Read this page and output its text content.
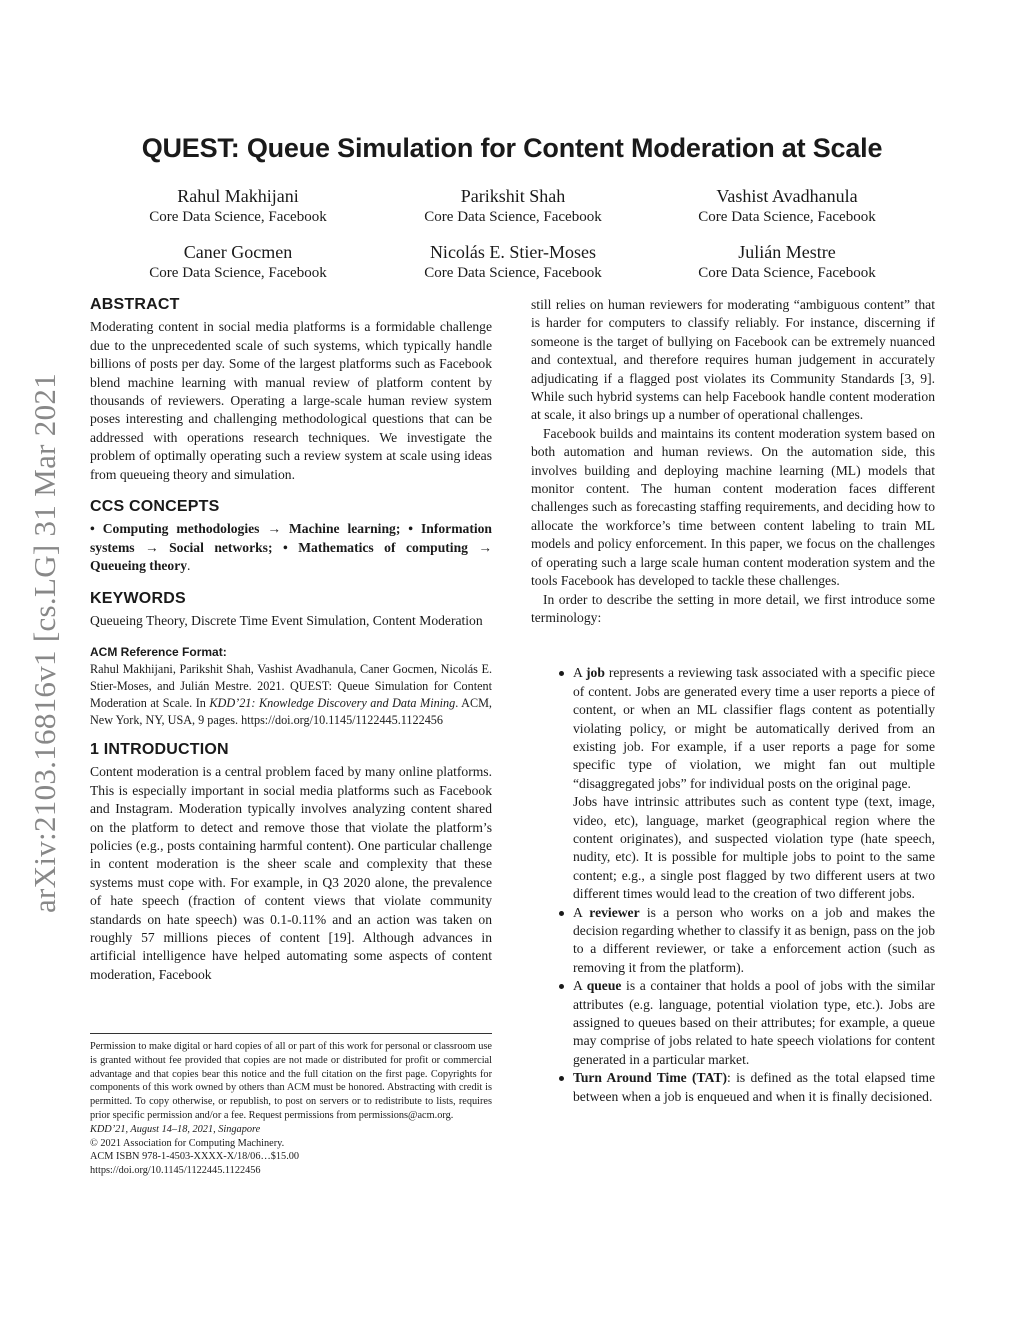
arXiv:2103.16816v1 [cs.LG] 31 Mar 2021
QUEST: Queue Simulation for Content Moderation at Scale
Rahul Makhijani
Core Data Science, Facebook
Parikshit Shah
Core Data Science, Facebook
Vashist Avadhanula
Core Data Science, Facebook
Caner Gocmen
Core Data Science, Facebook
Nicolás E. Stier-Moses
Core Data Science, Facebook
Julián Mestre
Core Data Science, Facebook
ABSTRACT

Moderating content in social media platforms is a formidable challenge due to the unprecedented scale of such systems, which typically handle billions of posts per day. Some of the largest platforms such as Facebook blend machine learning with manual review of platform content by thousands of reviewers. Operating a large-scale human review system poses interesting and challenging methodological questions that can be addressed with operations research techniques. We investigate the problem of optimally operating such a review system at scale using ideas from queueing theory and simulation.

CCS CONCEPTS

• Computing methodologies → Machine learning; • Information systems → Social networks; • Mathematics of computing → Queueing theory.

KEYWORDS

Queueing Theory, Discrete Time Event Simulation, Content Moderation

ACM Reference Format:

Rahul Makhijani, Parikshit Shah, Vashist Avadhanula, Caner Gocmen, Nicolás E. Stier-Moses, and Julián Mestre. 2021. QUEST: Queue Simulation for Content Moderation at Scale. In KDD’21: Knowledge Discovery and Data Mining. ACM, New York, NY, USA, 9 pages. https://doi.org/10.1145/1122445.1122456

1 INTRODUCTION

Content moderation is a central problem faced by many online platforms. This is especially important in social media platforms such as Facebook and Instagram. Moderation typically involves analyzing content shared on the platform to detect and remove those that violate the platform’s policies (e.g., posts containing harmful content). One particular challenge in content moderation is the sheer scale and complexity that these systems must cope with. For example, in Q3 2020 alone, the prevalence of hate speech (fraction of content views that violate community standards on hate speech) was 0.1-0.11% and an action was taken on roughly 57 millions pieces of content [19]. Although advances in artificial intelligence have helped automating some aspects of content moderation, Facebook

Permission to make digital or hard copies of all or part of this work for personal or classroom use is granted without fee provided that copies are not made or distributed for profit or commercial advantage and that copies bear this notice and the full citation on the first page. Copyrights for components of this work owned by others than ACM must be honored. Abstracting with credit is permitted. To copy otherwise, or republish, to post on servers or to redistribute to lists, requires prior specific permission and/or a fee. Request permissions from permissions@acm.org.

KDD’21, August 14–18, 2021, Singapore

© 2021 Association for Computing Machinery.

ACM ISBN 978-1-4503-XXXX-X/18/06…$15.00

https://doi.org/10.1145/1122445.1122456

still relies on human reviewers for moderating “ambiguous content” that is harder for computers to classify reliably. For instance, discerning if someone is the target of bullying on Facebook can be extremely nuanced and contextual, and therefore requires human judgement in accurately adjudicating if a flagged post violates its Community Standards [3, 9]. While such hybrid systems can help Facebook handle content moderation at scale, it also brings up a number of operational challenges.

Facebook builds and maintains its content moderation system based on both automation and human reviews. On the automation side, this involves building and deploying machine learning (ML) models that monitor content. The human content moderation faces different challenges such as forecasting staffing requirements, and deciding how to allocate the workforce’s time between content labeling to train ML models and policy enforcement. In this paper, we focus on the challenges of operating such a large scale human content moderation system and the tools Facebook has developed to tackle these challenges.

In order to describe the setting in more detail, we first introduce some terminology:

A job represents a reviewing task associated with a specific piece of content. Jobs are generated every time a user reports a piece of content, or when an ML classifier flags content as potentially violating policy, or might be automatically derived from an existing job. For example, if a user reports a page for some specific type of violation, we might fan out multiple “disaggregated jobs” for individual posts on the original page.

Jobs have intrinsic attributes such as content type (text, image, video, etc), language, market (geographical region where the content originates), and suspected violation type (hate speech, nudity, etc). It is possible for multiple jobs to point to the same content; e.g., a single post flagged by two different users at two different times would lead to the creation of two different jobs.

A reviewer is a person who works on a job and makes the decision regarding whether to classify it as benign, pass on the job to a different reviewer, or take a enforcement action (such as removing it from the platform).
A queue is a container that holds a pool of jobs with the similar attributes (e.g. language, potential violation type, etc.). Jobs are assigned to queues based on their attributes; for example, a queue may comprise of jobs related to hate speech violations for content generated in a particular market.
Turn Around Time (TAT): is defined as the total elapsed time between when a job is enqueued and when it is finally decisioned.
